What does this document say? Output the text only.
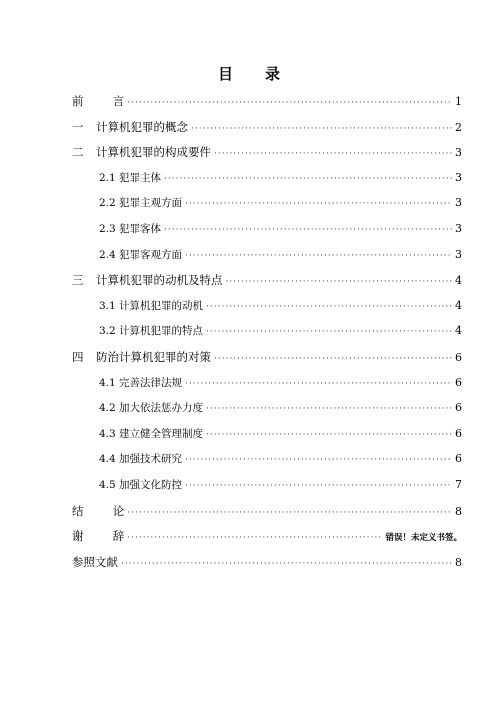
目 录
前        言 ·····	1
一	计算机犯罪的概念 ·····	2
二	计算机犯罪的构成要件 ·····	3
2.1 犯罪主体 ·····	3
2.2 犯罪主观方面 ·····	3
2.3 犯罪客体 ·····	3
2.4 犯罪客观方面 ·····	3
三	计算机犯罪的动机及特点 ·····	4
3.1 计算机犯罪的动机 ·····	4
3.2 计算机犯罪的特点 ·····	4
四	防治计算机犯罪的对策 ·····	6
4.1 完善法律法规 ·····	6
4.2 加大依法惩办力度 ·····	6
4.3 建立健全管理制度 ·····	6
4.4 加强技术研究 ·····	6
4.5 加强文化防控 ·····	7
结        论 ·····	8
谢        辞 ·····	错误！未定义书签。
参照文献 ·····	8
